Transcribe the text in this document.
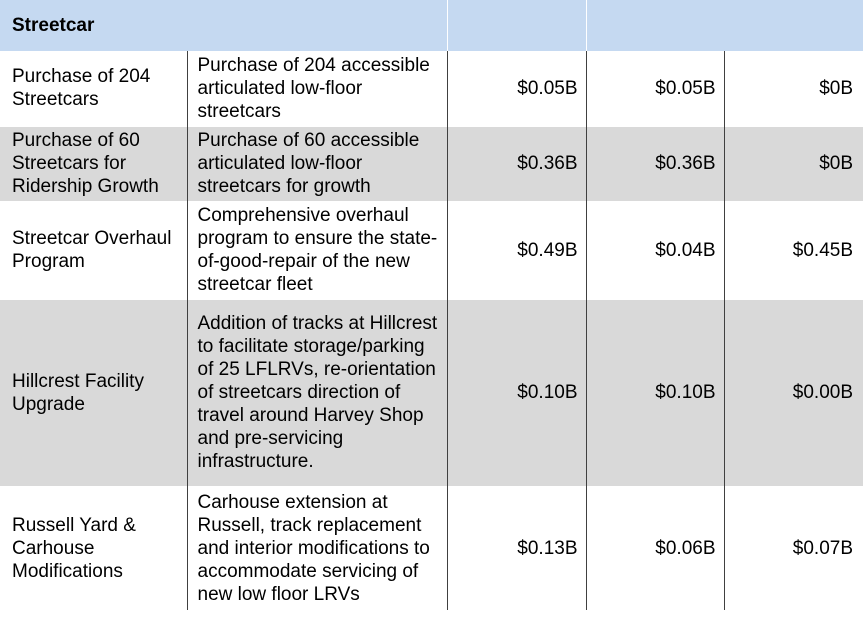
Streetcar				
Purchase of 204 Streetcars	Purchase of 204 accessible articulated low-floor streetcars	$0.05B	$0.05B	$0B
Purchase of 60 Streetcars for Ridership Growth	Purchase of 60 accessible articulated low-floor streetcars for growth	$0.36B	$0.36B	$0B
Streetcar Overhaul Program	Comprehensive overhaul program to ensure the state-of-good-repair of the new streetcar fleet	$0.49B	$0.04B	$0.45B
Hillcrest Facility Upgrade	Addition of tracks at Hillcrest to facilitate storage/parking of 25 LFLRVs, re-orientation of streetcars direction of travel around Harvey Shop and pre-servicing infrastructure.	$0.10B	$0.10B	$0.00B
Russell Yard & Carhouse Modifications	Carhouse extension at Russell, track replacement and interior modifications to accommodate servicing of new low floor LRVs	$0.13B	$0.06B	$0.07B
